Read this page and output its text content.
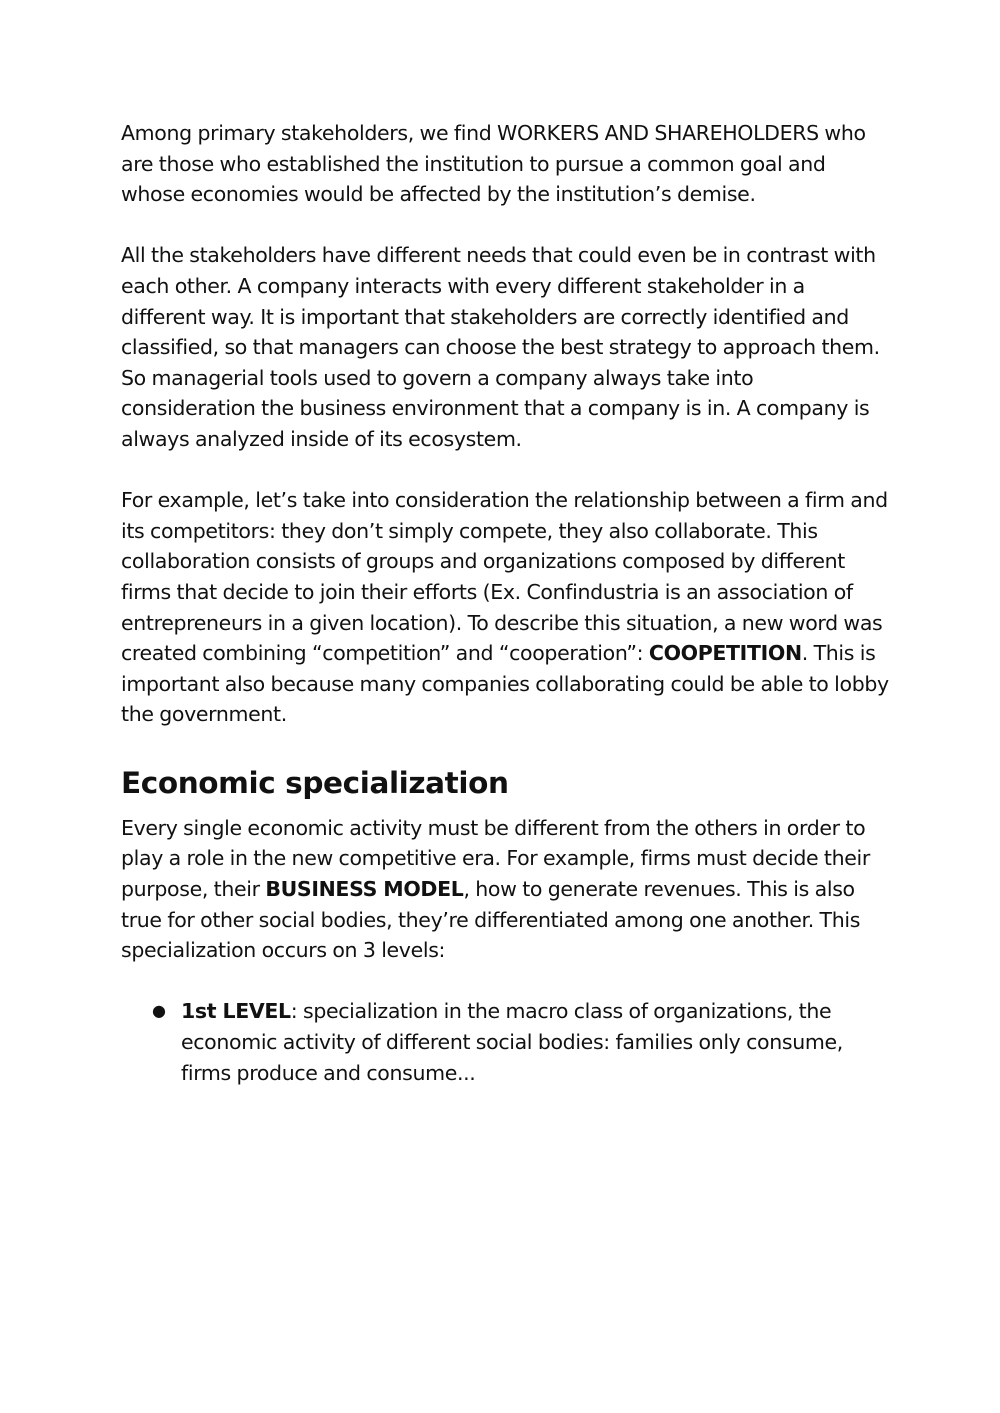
Among primary stakeholders, we find WORKERS AND SHAREHOLDERS who are those who established the institution to pursue a common goal and whose economies would be affected by the institution’s demise.

All the stakeholders have different needs that could even be in contrast with each other. A company interacts with every different stakeholder in a different way. It is important that stakeholders are correctly identified and classified, so that managers can choose the best strategy to approach them. So managerial tools used to govern a company always take into consideration the business environment that a company is in. A company is always analyzed inside of its ecosystem.

For example, let’s take into consideration the relationship between a firm and its competitors: they don’t simply compete, they also collaborate. This collaboration consists of groups and organizations composed by different firms that decide to join their efforts (Ex. Confindustria is an association of entrepreneurs in a given location). To describe this situation, a new word was created combining “competition” and “cooperation”: COOPETITION. This is important also because many companies collaborating could be able to lobby the government.

Economic specialization

Every single economic activity must be different from the others in order to play a role in the new competitive era. For example, firms must decide their purpose, their BUSINESS MODEL, how to generate revenues. This is also true for other social bodies, they’re differentiated among one another. This specialization occurs on 3 levels:

● 1st LEVEL: specialization in the macro class of organizations, the economic activity of different social bodies: families only consume, firms produce and consume...
